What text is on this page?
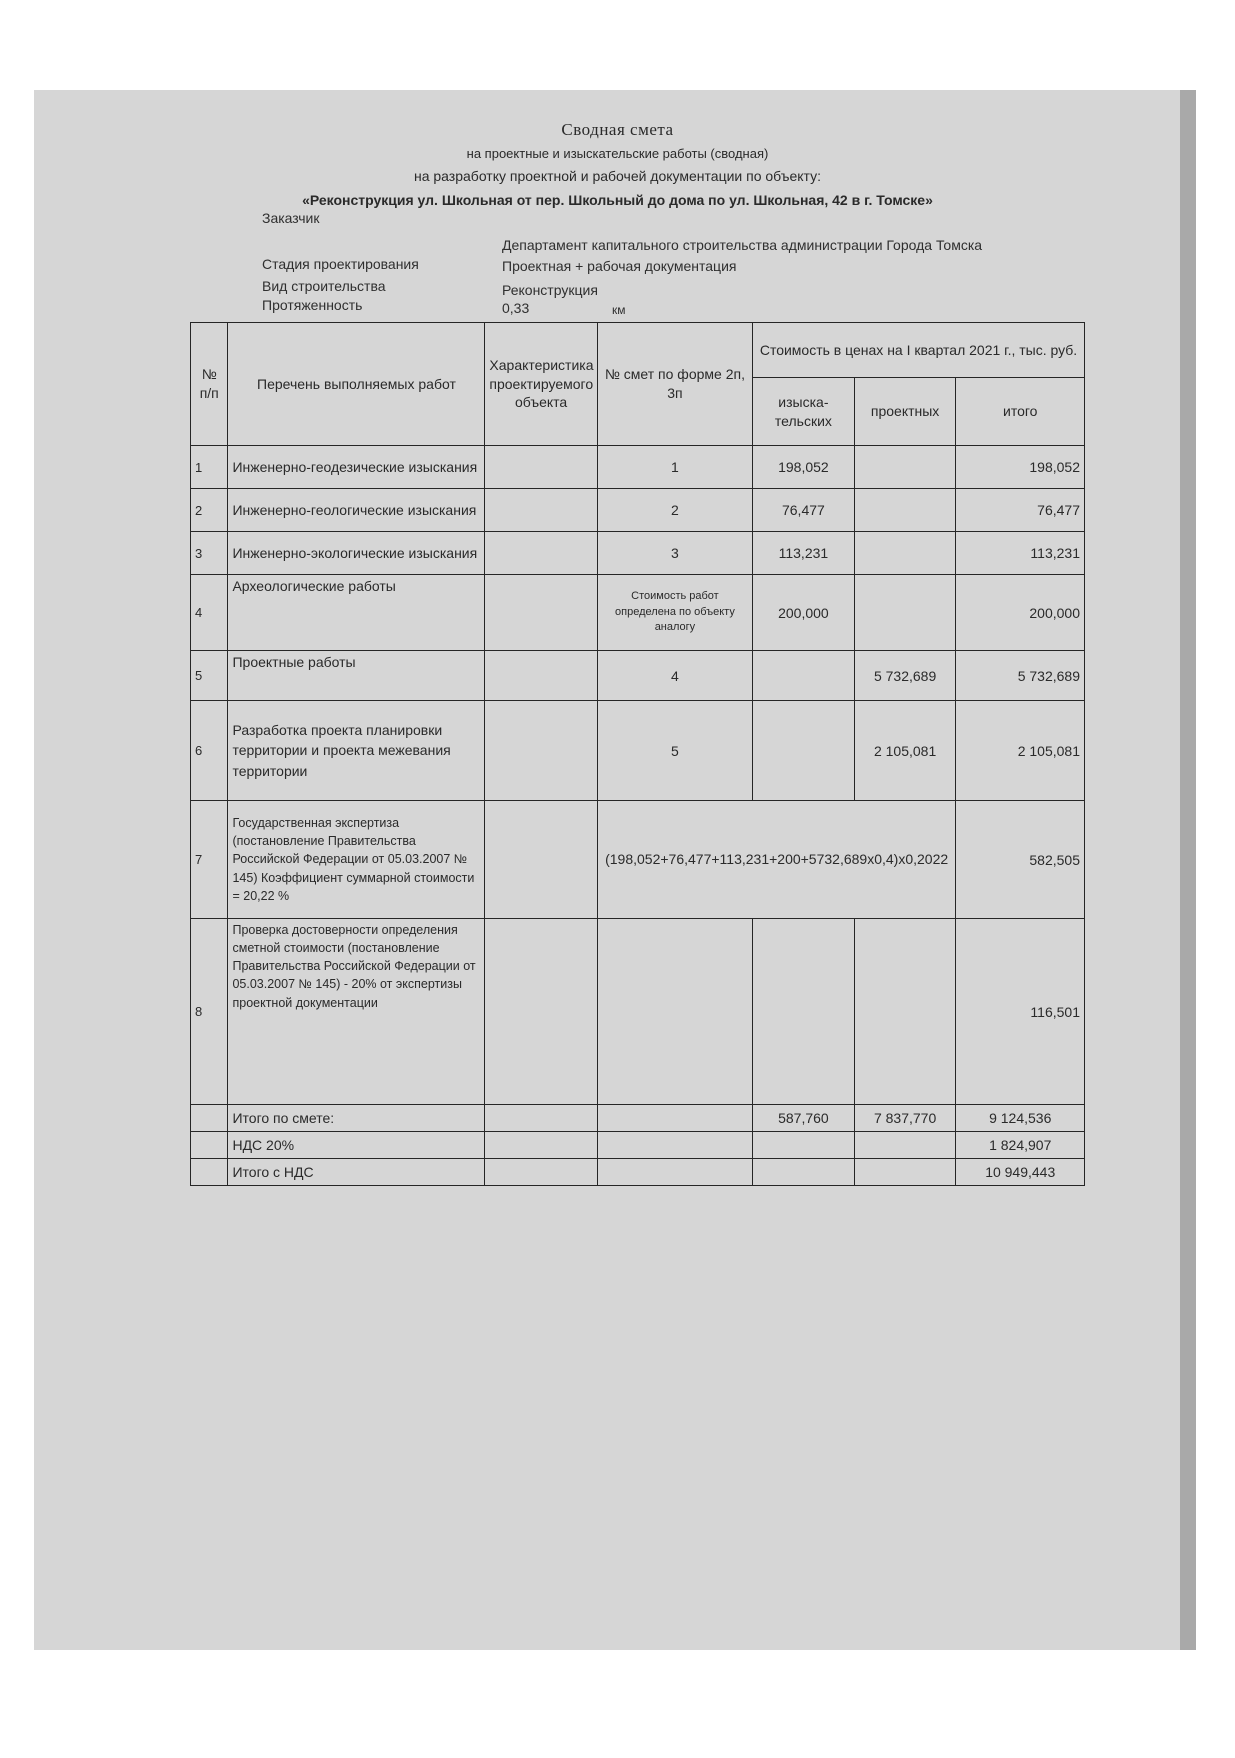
Сводная смета
на проектные и изыскательские работы (сводная)
на разработку проектной и рабочей документации по объекту:
«Реконструкция ул. Школьная от пер. Школьный до дома по ул. Школьная, 42 в г. Томске»
Заказчик
Департамент капитального строительства администрации Города Томска
Стадия проектирования	Проектная + рабочая документация
Вид строительства	Реконструкция
Протяженность	0,33	км
№ п/п	Перечень выполняемых работ	Характеристика проектируемого объекта	№ смет по форме 2п, 3п	Стоимость в ценах на I квартал 2021 г., тыс. руб.		
				изыска-тельских	проектных	итого
1	Инженерно-геодезические изыскания		1	198,052		198,052
2	Инженерно-геологические изыскания		2	76,477		76,477
3	Инженерно-экологические изыскания		3	113,231		113,231
4	Археологические работы		Стоимость работ определена по объекту аналогу	200,000		200,000
5	Проектные работы		4		5 732,689	5 732,689
6	Разработка проекта планировки территории и проекта межевания территории		5		2 105,081	2 105,081
7	Государственная экспертиза (постановление Правительства Российской Федерации от 05.03.2007 № 145) Коэффициент суммарной стоимости = 20,22 %		(198,052+76,477+113,231+200+5732,689x0,4)x0,2022			582,505
8	Проверка достоверности определения сметной стоимости (постановление Правительства Российской Федерации от 05.03.2007 № 145) - 20% от экспертизы проектной документации					116,501
	Итого по смете:			587,760	7 837,770	9 124,536
	НДС 20%					1 824,907
	Итого с НДС					10 949,443
